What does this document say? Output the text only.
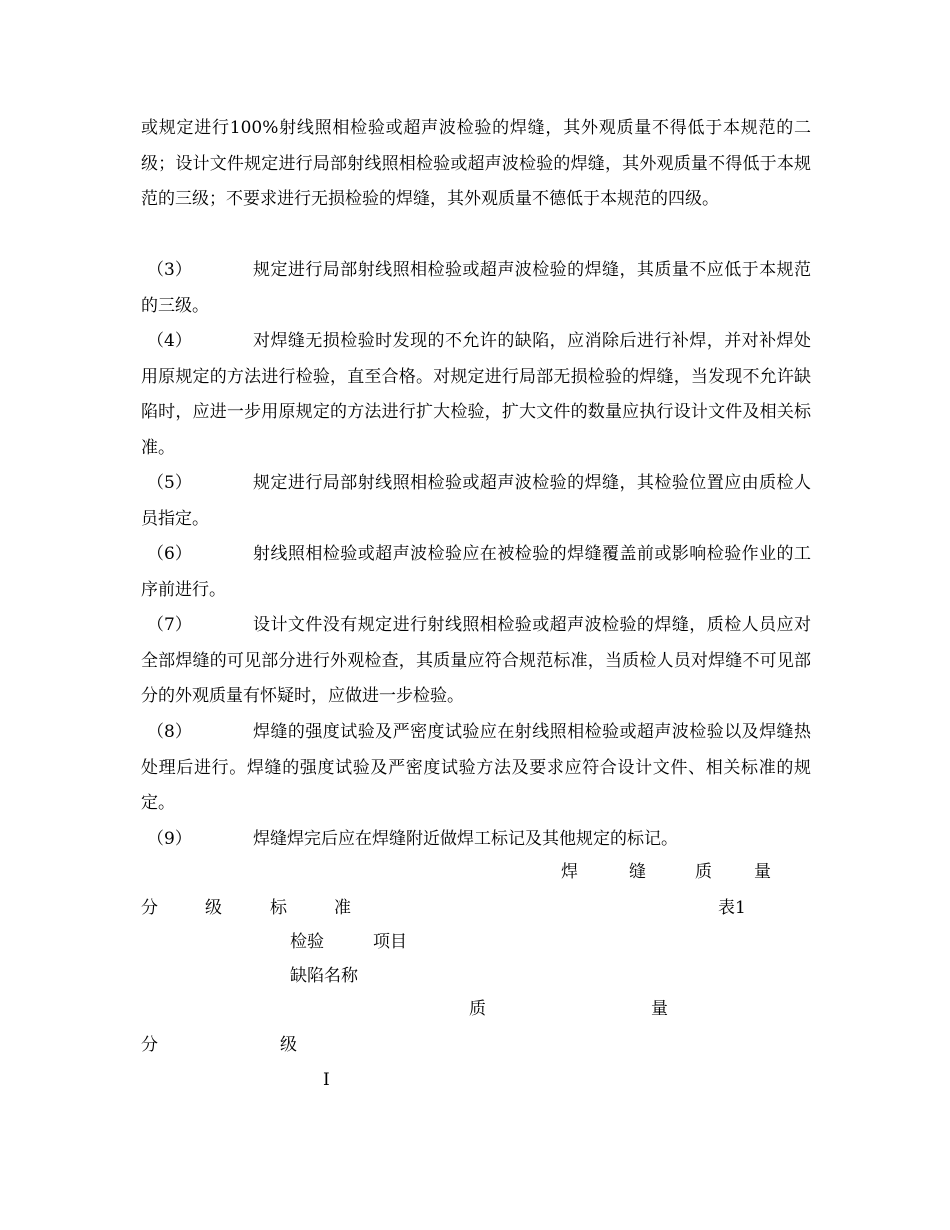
或规定进行100%射线照相检验或超声波检验的焊缝，其外观质量不得低于本规范的二级；设计文件规定进行局部射线照相检验或超声波检验的焊缝，其外观质量不得低于本规范的三级；不要求进行无损检验的焊缝，其外观质量不德低于本规范的四级。

（3）	规定进行局部射线照相检验或超声波检验的焊缝，其质量不应低于本规范的三级。

（4）	对焊缝无损检验时发现的不允许的缺陷，应消除后进行补焊，并对补焊处用原规定的方法进行检验，直至合格。对规定进行局部无损检验的焊缝，当发现不允许缺陷时，应进一步用原规定的方法进行扩大检验，扩大文件的数量应执行设计文件及相关标准。

（5）	规定进行局部射线照相检验或超声波检验的焊缝，其检验位置应由质检人员指定。

（6）	射线照相检验或超声波检验应在被检验的焊缝覆盖前或影响检验作业的工序前进行。

（7）	设计文件没有规定进行射线照相检验或超声波检验的焊缝，质检人员应对全部焊缝的可见部分进行外观检查，其质量应符合规范标准，当质检人员对焊缝不可见部分的外观质量有怀疑时，应做进一步检验。

（8）	焊缝的强度试验及严密度试验应在射线照相检验或超声波检验以及焊缝热处理后进行。焊缝的强度试验及严密度试验方法及要求应符合设计文件、相关标准的规定。

（9）	焊缝焊完后应在焊缝附近做焊工标记及其他规定的标记。

焊	缝	质 量
分	级	标	准	表1
检验	项目
缺陷名称
质	量
分	级
Ⅰ
